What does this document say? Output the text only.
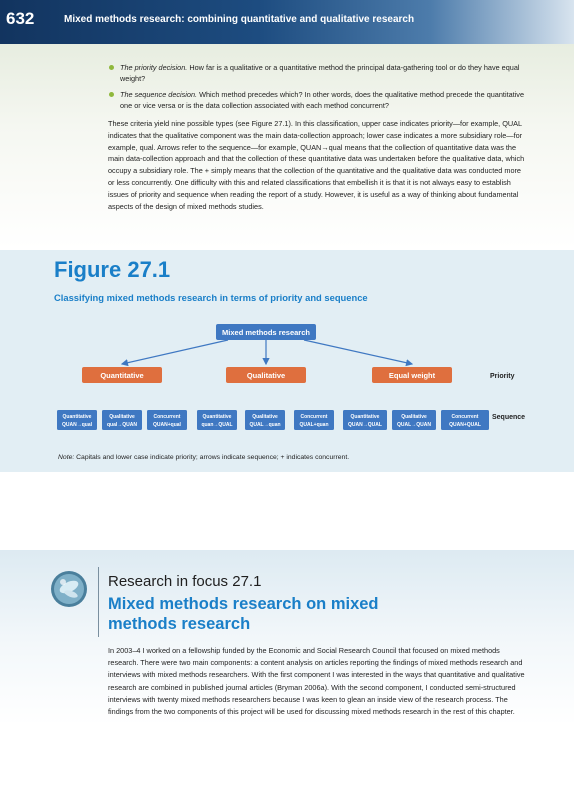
632	Mixed methods research: combining quantitative and qualitative research
The priority decision. How far is a qualitative or a quantitative method the principal data-gathering tool or do they have equal weight?
The sequence decision. Which method precedes which? In other words, does the qualitative method precede the quantitative one or vice versa or is the data collection associated with each method concurrent?

These criteria yield nine possible types (see Figure 27.1). In this classification, upper case indicates priority—for example, QUAL indicates that the qualitative component was the main data-collection approach; lower case indicates a more subsidiary role—for example, qual. Arrows refer to the sequence—for example, QUAN→qual means that the collection of quantitative data was the main data-collection approach and that the collection of these quantitative data was undertaken before the qualitative data, which occupy a subsidiary role. The + simply means that the collection of the quantitative and the qualitative data was conducted more or less concurrently. One difficulty with this and related classifications that embellish it is that it is not always easy to establish issues of priority and sequence when reading the report of a study. However, it is useful as a way of thinking about fundamental aspects of the design of mixed methods studies.

Figure 27.1
Classifying mixed methods research in terms of priority and sequence
Mixed methods research
Quantitative	Qualitative	Equal weight	Priority
Quantitative
QUAN→qual
Qualitative
qual→QUAN
Concurrent
QUAN+qual
Quantitative
quan→QUAL
Qualitative
QUAL→quan
Concurrent
QUAL+quan
Quantitative
QUAN→QUAL
Qualitative
QUAL→QUAN
Concurrent
QUAN+QUAL
Sequence
Note: Capitals and lower case indicate priority; arrows indicate sequence; + indicates concurrent.
Research in focus 27.1
Mixed methods research on mixed methods research

In 2003–4 I worked on a fellowship funded by the Economic and Social Research Council that focused on mixed methods research. There were two main components: a content analysis on articles reporting the findings of mixed methods research and interviews with mixed methods researchers. With the first component I was interested in the ways that quantitative and qualitative research are combined in published journal articles (Bryman 2006a). With the second component, I conducted semi-structured interviews with twenty mixed methods researchers because I was keen to glean an inside view of the research process. The findings from the two components of this project will be used for discussing mixed methods research in the rest of this chapter.
